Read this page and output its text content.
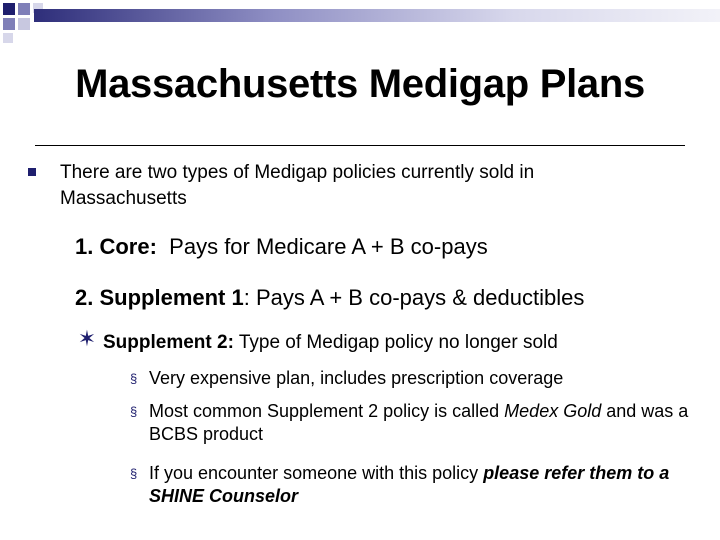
Massachusetts Medigap Plans
There are two types of Medigap policies currently sold in Massachusetts
1. Core: Pays for Medicare A + B co-pays
2. Supplement 1: Pays A + B co-pays & deductibles
✶ Supplement 2: Type of Medigap policy no longer sold
§ Very expensive plan, includes prescription coverage
§ Most common Supplement 2 policy is called Medex Gold and was a BCBS product
§ If you encounter someone with this policy please refer them to a SHINE Counselor
